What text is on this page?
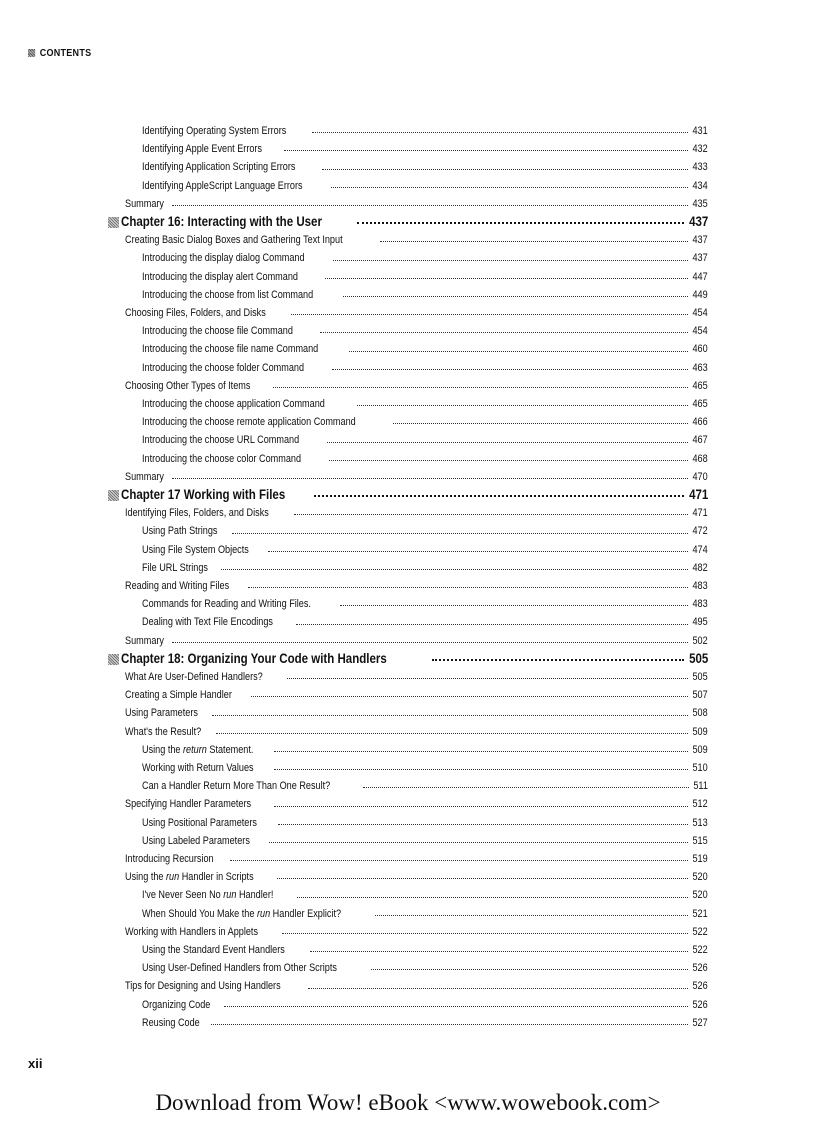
CONTENTS
Identifying Operating System Errors	431
Identifying Apple Event Errors	432
Identifying Application Scripting Errors	433
Identifying AppleScript Language Errors	434
Summary	435
Chapter 16: Interacting with the User	437
Creating Basic Dialog Boxes and Gathering Text Input	437
Introducing the display dialog Command	437
Introducing the display alert Command	447
Introducing the choose from list Command	449
Choosing Files, Folders, and Disks	454
Introducing the choose file Command	454
Introducing the choose file name Command	460
Introducing the choose folder Command	463
Choosing Other Types of Items	465
Introducing the choose application Command	465
Introducing the choose remote application Command	466
Introducing the choose URL Command	467
Introducing the choose color Command	468
Summary	470
Chapter 17 Working with Files	471
Identifying Files, Folders, and Disks	471
Using Path Strings	472
Using File System Objects	474
File URL Strings	482
Reading and Writing Files	483
Commands for Reading and Writing Files.	483
Dealing with Text File Encodings	495
Summary	502
Chapter 18: Organizing Your Code with Handlers	505
What Are User-Defined Handlers?	505
Creating a Simple Handler	507
Using Parameters	508
What's the Result?	509
Using the return Statement.	509
Working with Return Values	510
Can a Handler Return More Than One Result?	511
Specifying Handler Parameters	512
Using Positional Parameters	513
Using Labeled Parameters	515
Introducing Recursion	519
Using the run Handler in Scripts	520
I've Never Seen No run Handler!	520
When Should You Make the run Handler Explicit?	521
Working with Handlers in Applets	522
Using the Standard Event Handlers	522
Using User-Defined Handlers from Other Scripts	526
Tips for Designing and Using Handlers	526
Organizing Code	526
Reusing Code	527
xii
Download from Wow! eBook <www.wowebook.com>
